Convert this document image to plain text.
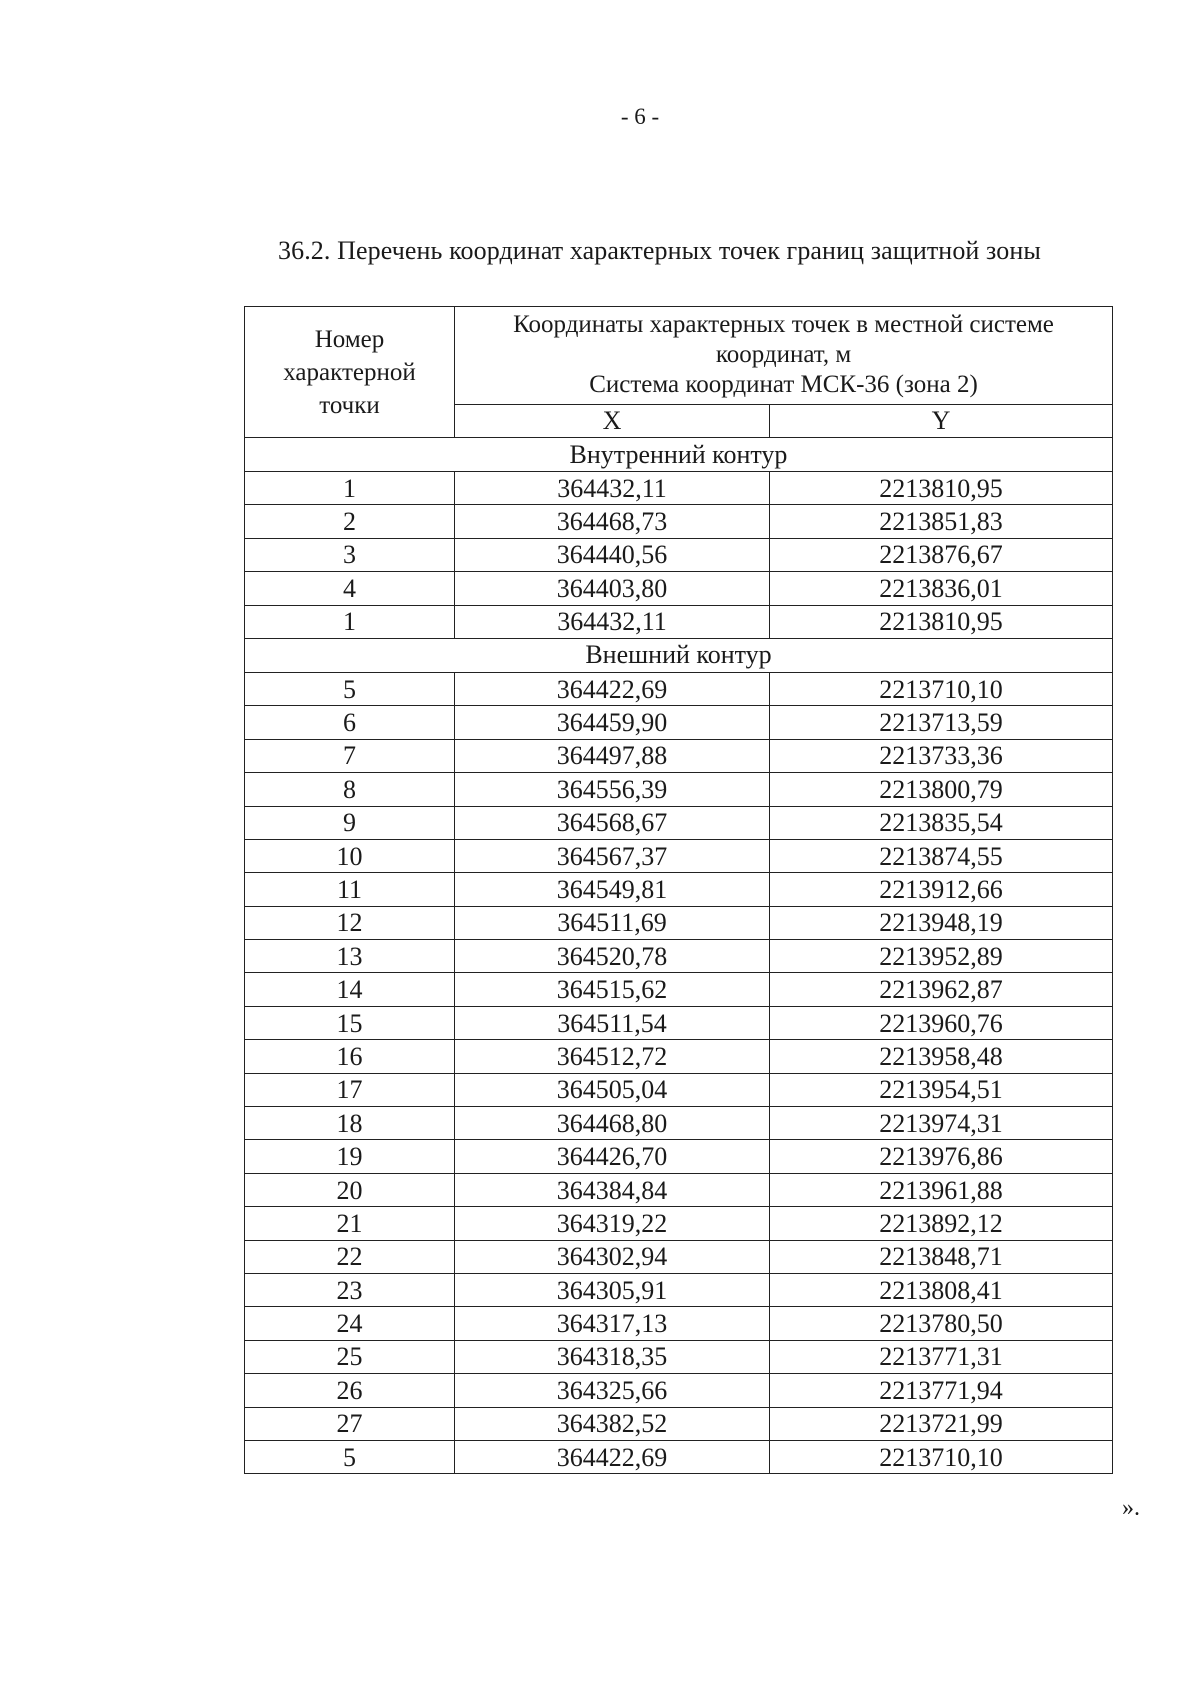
- 6 -
36.2. Перечень координат характерных точек границ защитной зоны
Номер
характерной
точки	Координаты характерных точек в местной системе
координат, м
Система координат МСК-36 (зона 2)	

	X	Y
Внутренний контур		
1	364432,11	2213810,95
2	364468,73	2213851,83
3	364440,56	2213876,67
4	364403,80	2213836,01
1	364432,11	2213810,95
Внешний контур		
5	364422,69	2213710,10
6	364459,90	2213713,59
7	364497,88	2213733,36
8	364556,39	2213800,79
9	364568,67	2213835,54
10	364567,37	2213874,55
11	364549,81	2213912,66
12	364511,69	2213948,19
13	364520,78	2213952,89
14	364515,62	2213962,87
15	364511,54	2213960,76
16	364512,72	2213958,48
17	364505,04	2213954,51
18	364468,80	2213974,31
19	364426,70	2213976,86
20	364384,84	2213961,88
21	364319,22	2213892,12
22	364302,94	2213848,71
23	364305,91	2213808,41
24	364317,13	2213780,50
25	364318,35	2213771,31
26	364325,66	2213771,94
27	364382,52	2213721,99
5	364422,69	2213710,10
».
